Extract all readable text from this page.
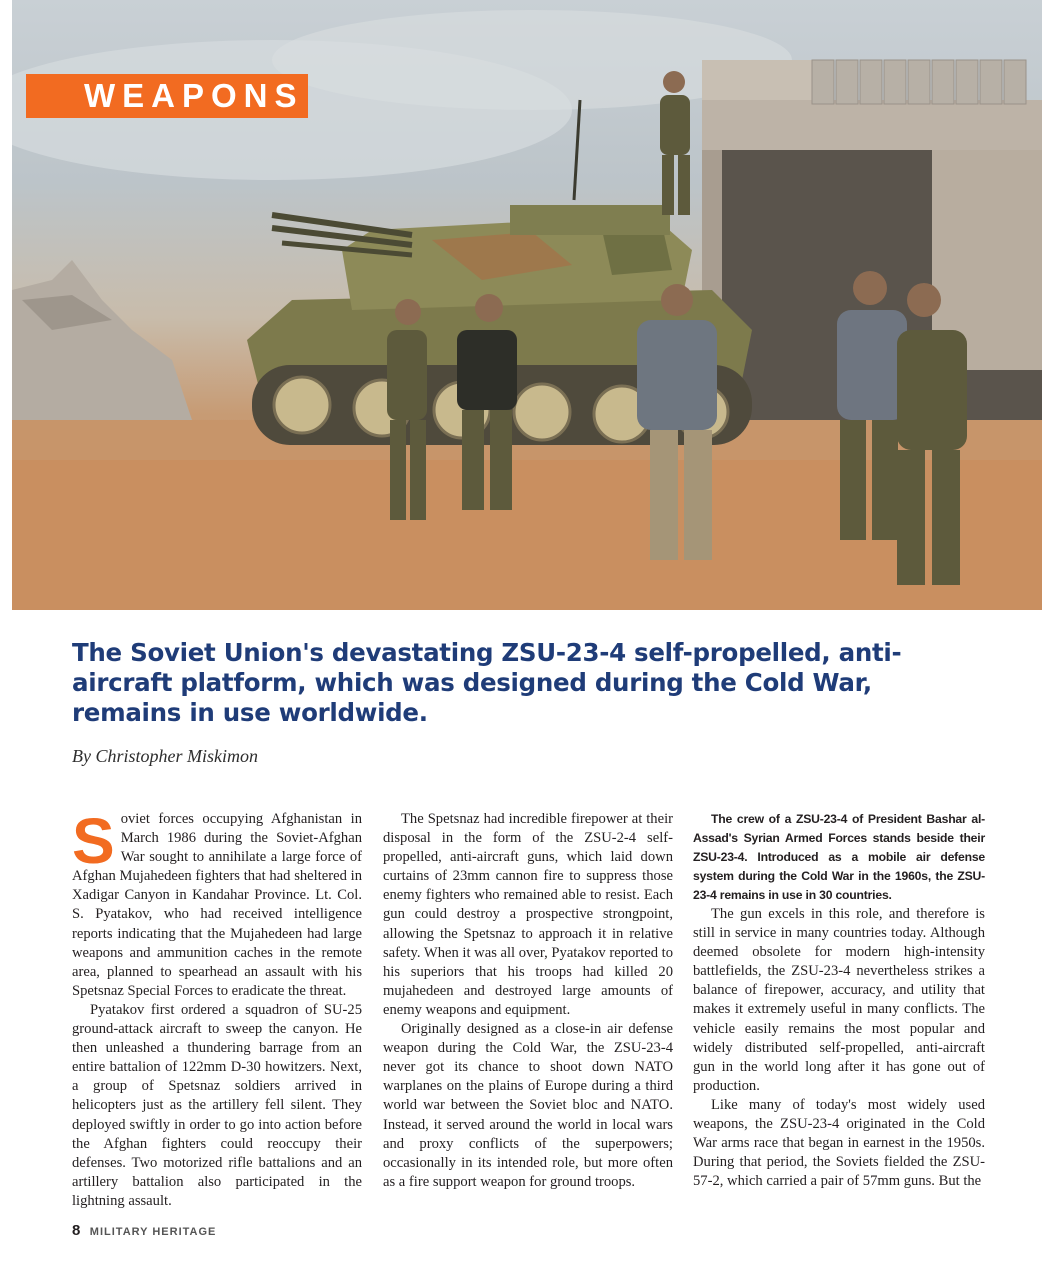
WEAPONS
The Soviet Union's devastating ZSU-23-4 self-propelled, anti-aircraft platform, which was designed during the Cold War, remains in use worldwide.

By Christopher Miskimon

Soviet forces occupying Afghanistan in March 1986 during the Soviet-Afghan War sought to annihilate a large force of Afghan Mujahedeen fighters that had sheltered in Xadigar Canyon in Kandahar Province. Lt. Col. S. Pyatakov, who had received intelligence reports indicating that the Mujahedeen had large weapons and ammunition caches in the remote area, planned to spearhead an assault with his Spetsnaz Special Forces to eradicate the threat.

Pyatakov first ordered a squadron of SU-25 ground-attack aircraft to sweep the canyon. He then unleashed a thundering barrage from an entire battalion of 122mm D-30 howitzers. Next, a group of Spetsnaz soldiers arrived in helicopters just as the artillery fell silent. They deployed swiftly in order to go into action before the Afghan fighters could reoccupy their defenses. Two motorized rifle battalions and an artillery battalion also participated in the lightning assault.

The Spetsnaz had incredible firepower at their disposal in the form of the ZSU-2-4 self-propelled, anti-aircraft guns, which laid down curtains of 23mm cannon fire to suppress those enemy fighters who remained able to resist. Each gun could destroy a prospective strongpoint, allowing the Spetsnaz to approach it in relative safety. When it was all over, Pyatakov reported to his superiors that his troops had killed 20 mujahedeen and destroyed large amounts of enemy weapons and equipment.

Originally designed as a close-in air defense weapon during the Cold War, the ZSU-23-4 never got its chance to shoot down NATO warplanes on the plains of Europe during a third world war between the Soviet bloc and NATO. Instead, it served around the world in local wars and proxy conflicts of the superpowers; occasionally in its intended role, but more often as a fire support weapon for ground troops.

The crew of a ZSU-23-4 of President Bashar al-Assad's Syrian Armed Forces stands beside their ZSU-23-4. Introduced as a mobile air defense system during the Cold War in the 1960s, the ZSU-23-4 remains in use in 30 countries.

The gun excels in this role, and therefore is still in service in many countries today. Although deemed obsolete for modern high-intensity battlefields, the ZSU-23-4 nevertheless strikes a balance of firepower, accuracy, and utility that makes it extremely useful in many conflicts. The vehicle easily remains the most popular and widely distributed self-propelled, anti-aircraft gun in the world long after it has gone out of production.

Like many of today's most widely used weapons, the ZSU-23-4 originated in the Cold War arms race that began in earnest in the 1950s. During that period, the Soviets fielded the ZSU-57-2, which carried a pair of 57mm guns. But the

8 MILITARY HERITAGE
